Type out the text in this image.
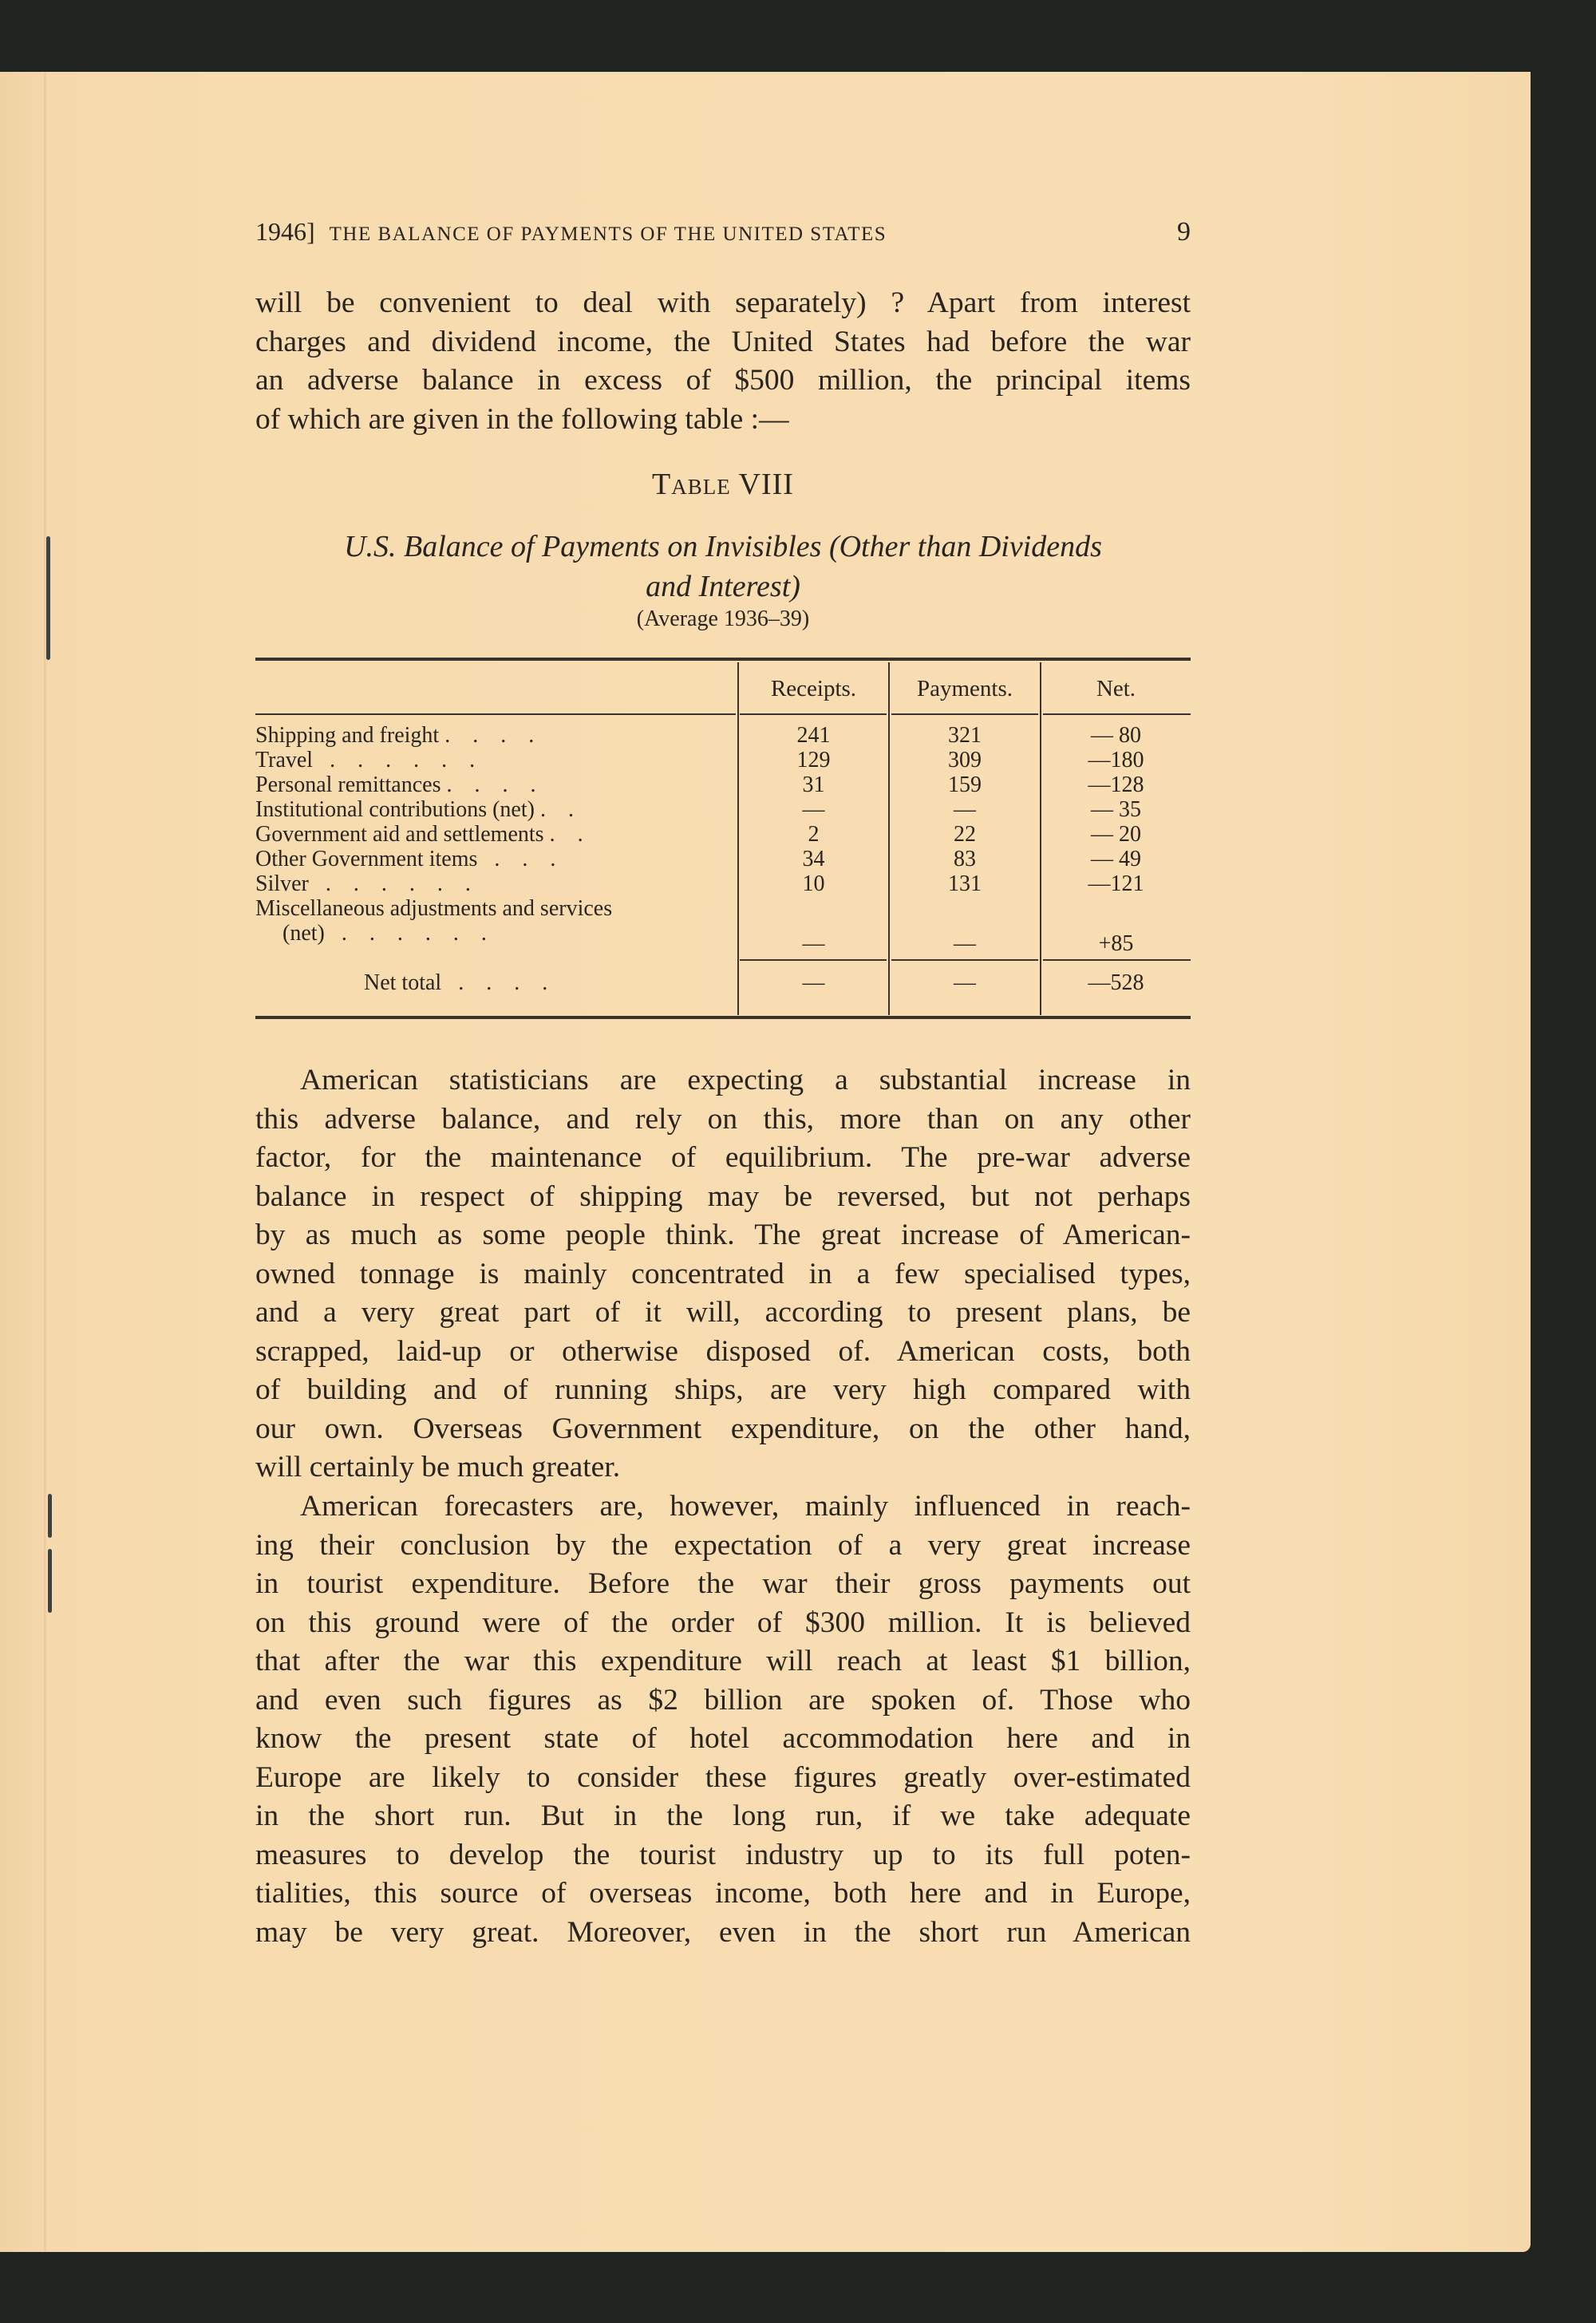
1946] THE BALANCE OF PAYMENTS OF THE UNITED STATES	9
will be convenient to deal with separately) ? Apart from interest
charges and dividend income, the United States had before the war
an adverse balance in excess of $500 million, the principal items
of which are given in the following table :—
Table VIII
U.S. Balance of Payments on Invisibles (Other than Dividends
and Interest)
(Average 1936–39)
Receipts.	Payments.	Net.
Shipping and freight .    .    .    .	241	321	— 80
Travel   .    .    .    .    .    .	129	309	—180
Personal remittances .    .    .    .	31	159	—128
Institutional contributions (net) .    .	—	—	— 35
Government aid and settlements .    .	2	22	— 20
Other Government items   .    .    .	34	83	— 49
Silver   .    .    .    .    .    .	10	131	—121
Miscellaneous adjustments and services
(net)   .    .    .    .    .    .	—	—	+85
Net total   .    .    .    .	—	—	—528
American statisticians are expecting a substantial increase in
this adverse balance, and rely on this, more than on any other
factor, for the maintenance of equilibrium. The pre-war adverse
balance in respect of shipping may be reversed, but not perhaps
by as much as some people think. The great increase of American-
owned tonnage is mainly concentrated in a few specialised types,
and a very great part of it will, according to present plans, be
scrapped, laid-up or otherwise disposed of. American costs, both
of building and of running ships, are very high compared with
our own. Overseas Government expenditure, on the other hand,
will certainly be much greater.
American forecasters are, however, mainly influenced in reach-
ing their conclusion by the expectation of a very great increase
in tourist expenditure. Before the war their gross payments out
on this ground were of the order of $300 million. It is believed
that after the war this expenditure will reach at least $1 billion,
and even such figures as $2 billion are spoken of. Those who
know the present state of hotel accommodation here and in
Europe are likely to consider these figures greatly over-estimated
in the short run. But in the long run, if we take adequate
measures to develop the tourist industry up to its full poten-
tialities, this source of overseas income, both here and in Europe,
may be very great. Moreover, even in the short run American
